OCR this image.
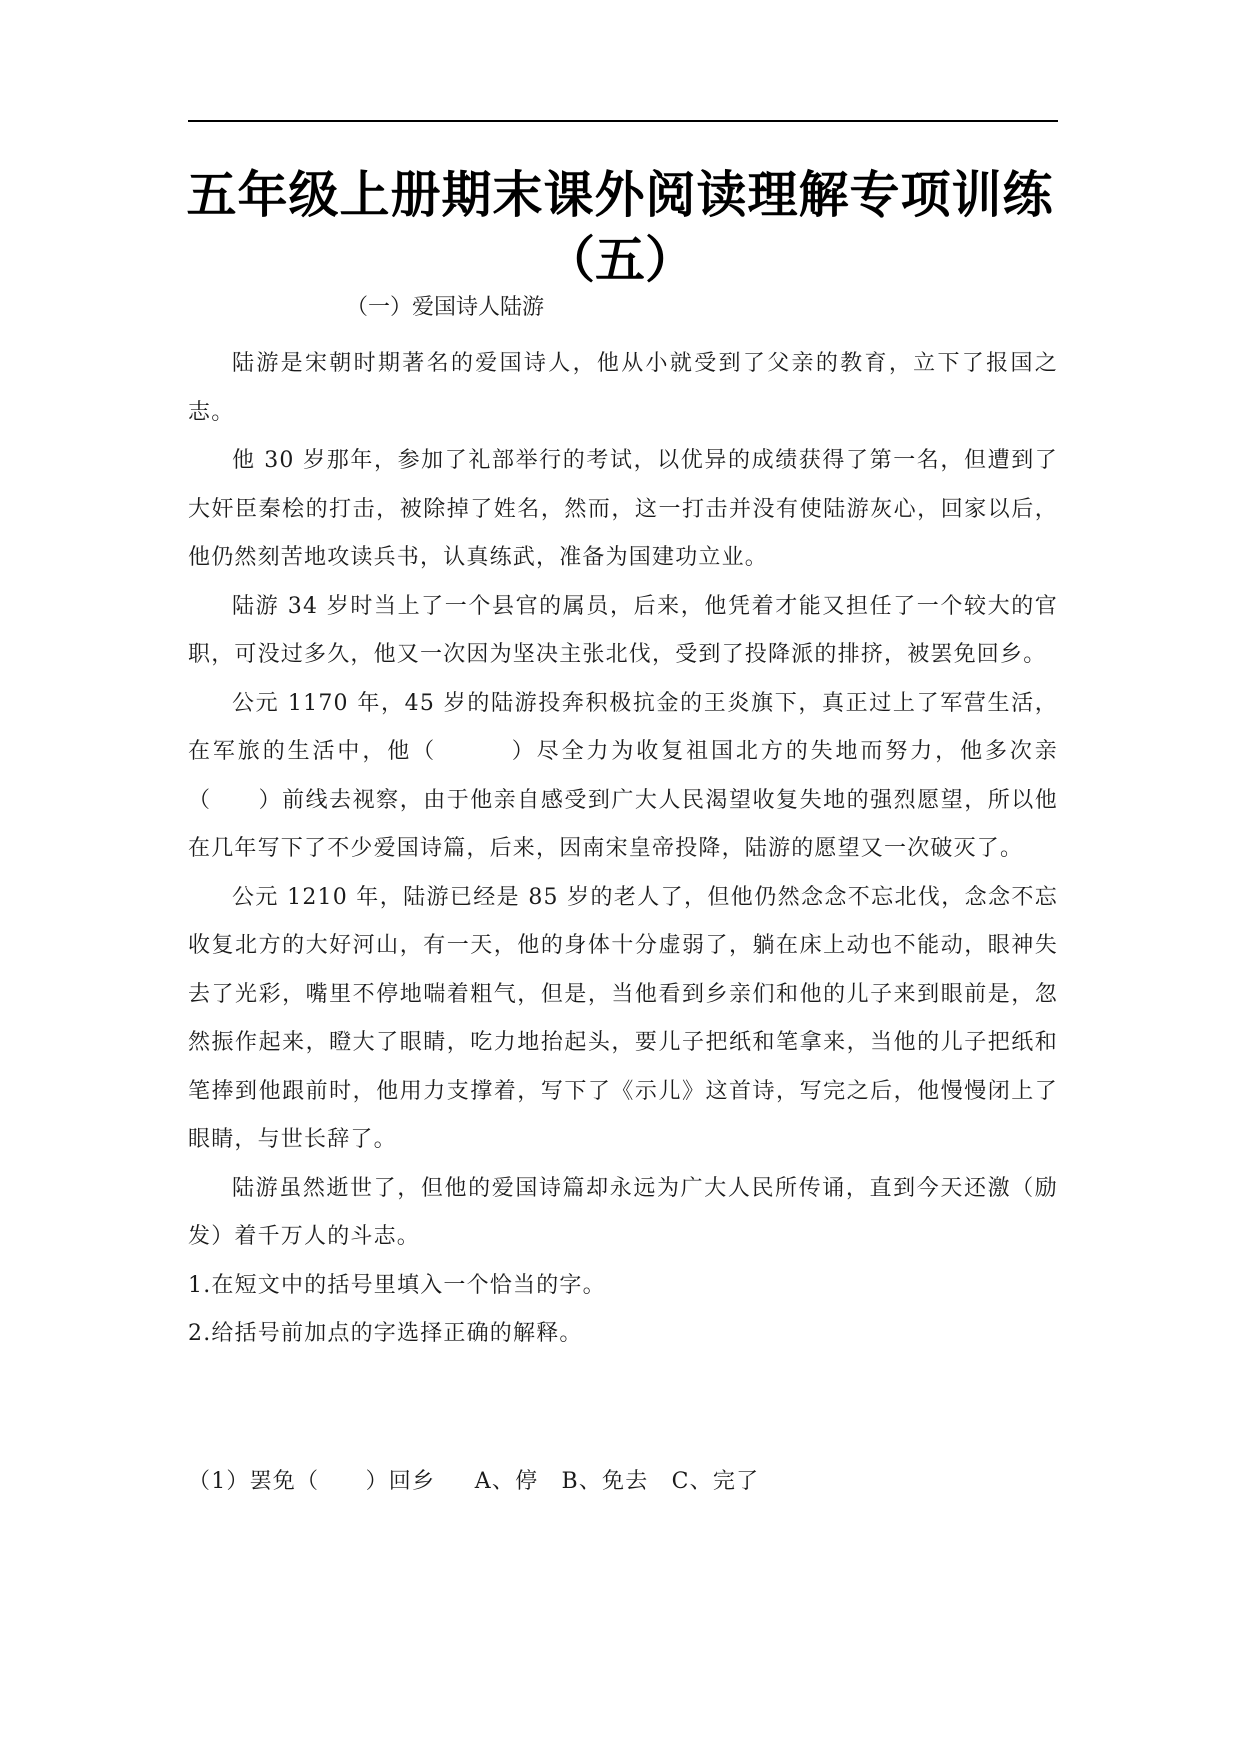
五年级上册期末课外阅读理解专项训练
（五）
（一）爱国诗人陆游

陆游是宋朝时期著名的爱国诗人，他从小就受到了父亲的教育，立下了报国之志。

他 30 岁那年，参加了礼部举行的考试，以优异的成绩获得了第一名，但遭到了大奸臣秦桧的打击，被除掉了姓名，然而，这一打击并没有使陆游灰心，回家以后，他仍然刻苦地攻读兵书，认真练武，准备为国建功立业。

陆游 34 岁时当上了一个县官的属员，后来，他凭着才能又担任了一个较大的官职，可没过多久，他又一次因为坚决主张北伐，受到了投降派的排挤，被罢免回乡。

公元 1170 年，45 岁的陆游投奔积极抗金的王炎旗下，真正过上了军营生活，在军旅的生活中，他（　　　）尽全力为收复祖国北方的失地而努力，他多次亲（　　）前线去视察，由于他亲自感受到广大人民渴望收复失地的强烈愿望，所以他在几年写下了不少爱国诗篇，后来，因南宋皇帝投降，陆游的愿望又一次破灭了。

公元 1210 年，陆游已经是 85 岁的老人了，但他仍然念念不忘北伐，念念不忘收复北方的大好河山，有一天，他的身体十分虚弱了，躺在床上动也不能动，眼神失去了光彩，嘴里不停地喘着粗气，但是，当他看到乡亲们和他的儿子来到眼前是，忽然振作起来，瞪大了眼睛，吃力地抬起头，要儿子把纸和笔拿来，当他的儿子把纸和笔捧到他跟前时，他用力支撑着，写下了《示儿》这首诗，写完之后，他慢慢闭上了眼睛，与世长辞了。

陆游虽然逝世了，但他的爱国诗篇却永远为广大人民所传诵，直到今天还激（励　　发）着千万人的斗志。

1.在短文中的括号里填入一个恰当的字。

2.给括号前加点的字选择正确的解释。

（1）罢免（　　）回乡　  A、停　B、免去　C、完了
